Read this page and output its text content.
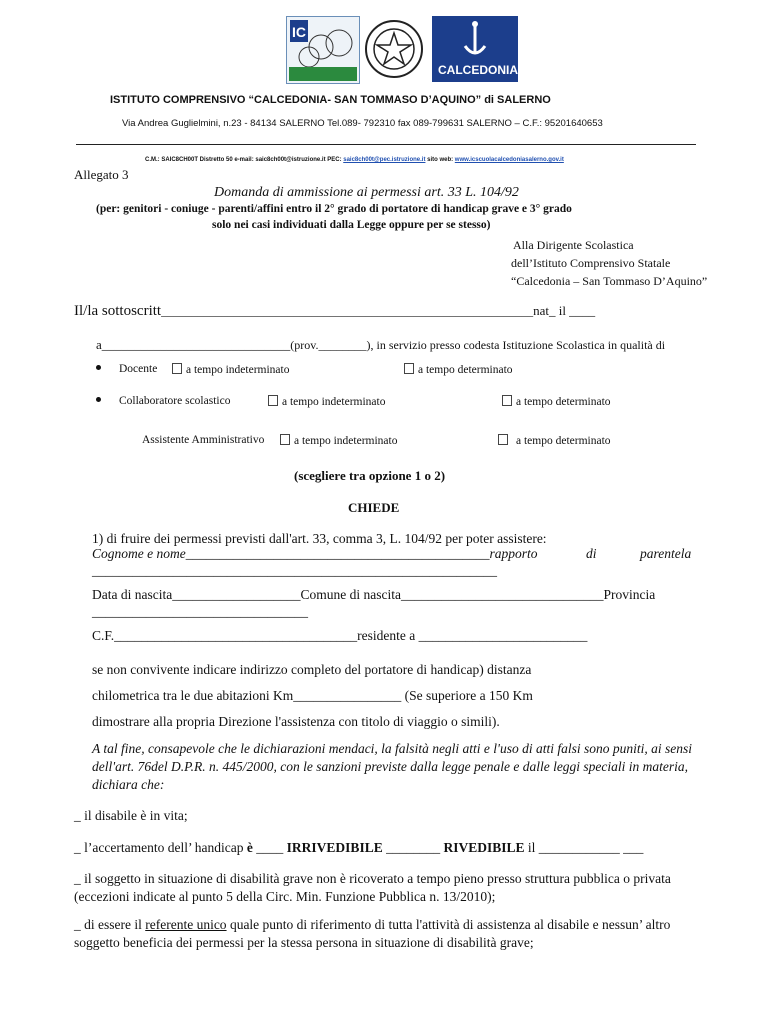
IC
CALCEDONIA
ISTITUTO COMPRENSIVO “CALCEDONIA- SAN TOMMASO D’AQUINO” di SALERNO
Via Andrea Guglielmini, n.23 - 84134 SALERNO Tel.089- 792310 fax 089-799631 SALERNO – C.F.: 95201640653
C.M.: SAIC8CH00T Distretto 50 e-mail: saic8ch00t@istruzione.it PEC: saic8ch00t@pec.istruzione.it sito web: www.icscuolacalcedoniasalerno.gov.it
Allegato 3
Domanda di ammissione ai permessi art. 33 L. 104/92
(per: genitori - coniuge - parenti/affini entro il 2° grado di portatore di handicap grave e 3° grado
solo nei casi individuati dalla Legge oppure per se stesso)
Alla Dirigente Scolastica
dell’Istituto Comprensivo Statale
“Calcedonia – San Tommaso D’Aquino”
Il/la sottoscritt______________________________________________________________nat_ il ____
a_____________________________(prov.________), in servizio presso codesta Istituzione Scolastica in qualità di
Docente	a tempo indeterminato	a tempo determinato
Collaboratore scolastico	a tempo indeterminato	a tempo determinato
Assistente Amministrativo	a tempo indeterminato	a tempo determinato
(scegliere tra opzione 1 o 2)
CHIEDE
1) di fruire dei permessi previsti dall'art. 33, comma 3, L. 104/92 per poter assistere:
Cognome e nome_____________________________________________rapporto	di	parentela
____________________________________________________________
Data di nascita___________________Comune di nascita______________________________Provincia
________________________________
C.F.____________________________________residente a _________________________
se non convivente indicare indirizzo completo del portatore di handicap) distanza
chilometrica tra le due abitazioni Km________________ (Se superiore a 150 Km
dimostrare alla propria Direzione l'assistenza con titolo di viaggio o simili).

A tal fine, consapevole che le dichiarazioni mendaci, la falsità negli atti e l'uso di atti falsi sono puniti, ai sensi dell'art. 76del D.P.R. n. 445/2000, con le sanzioni previste dalla legge penale e dalle leggi speciali in materia, dichiara che:

_ il disabile è in vita;
_ l’accertamento dell’ handicap è ____ IRRIVEDIBILE ________ RIVEDIBILE il ____________ ___

_ il soggetto in situazione di disabilità grave non è ricoverato a tempo pieno presso struttura pubblica o privata (eccezioni indicate al punto 5 della Circ. Min. Funzione Pubblica n. 13/2010);

_ di essere il referente unico quale punto di riferimento di tutta l'attività di assistenza al disabile e nessun’ altro soggetto beneficia dei permessi per la stessa persona in situazione di disabilità grave;
